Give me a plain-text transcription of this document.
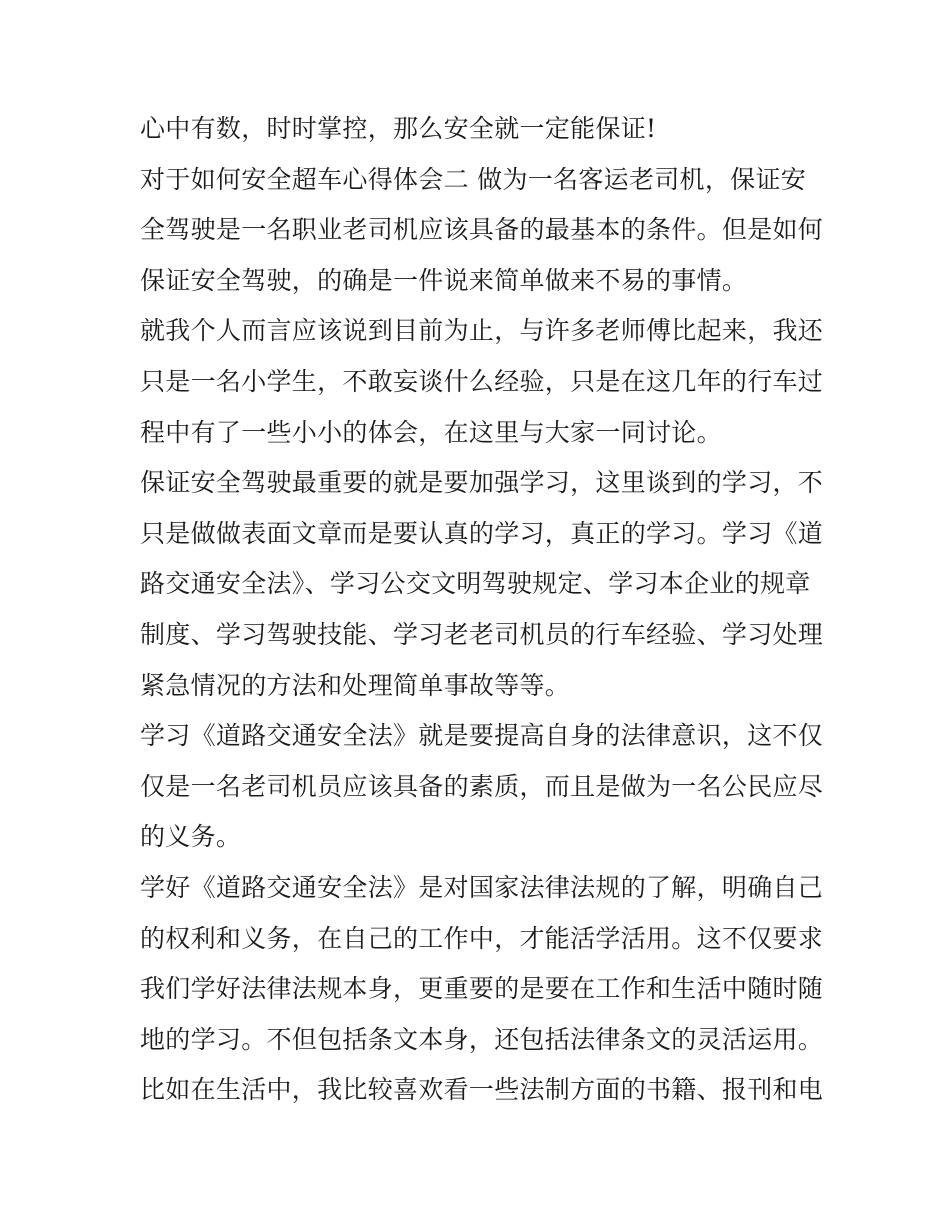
心中有数，时时掌控，那么安全就一定能保证!
对于如何安全超车心得体会二 做为一名客运老司机，保证安
全驾驶是一名职业老司机应该具备的最基本的条件。但是如何
保证安全驾驶，的确是一件说来简单做来不易的事情。
就我个人而言应该说到目前为止，与许多老师傅比起来，我还
只是一名小学生，不敢妄谈什么经验，只是在这几年的行车过
程中有了一些小小的体会，在这里与大家一同讨论。
保证安全驾驶最重要的就是要加强学习，这里谈到的学习，不
只是做做表面文章而是要认真的学习，真正的学习。学习《道
路交通安全法》、学习公交文明驾驶规定、学习本企业的规章
制度、学习驾驶技能、学习老老司机员的行车经验、学习处理
紧急情况的方法和处理简单事故等等。
学习《道路交通安全法》就是要提高自身的法律意识，这不仅
仅是一名老司机员应该具备的素质，而且是做为一名公民应尽
的义务。
学好《道路交通安全法》是对国家法律法规的了解，明确自己
的权利和义务，在自己的工作中，才能活学活用。这不仅要求
我们学好法律法规本身，更重要的是要在工作和生活中随时随
地的学习。不但包括条文本身，还包括法律条文的灵活运用。
比如在生活中，我比较喜欢看一些法制方面的书籍、报刊和电
